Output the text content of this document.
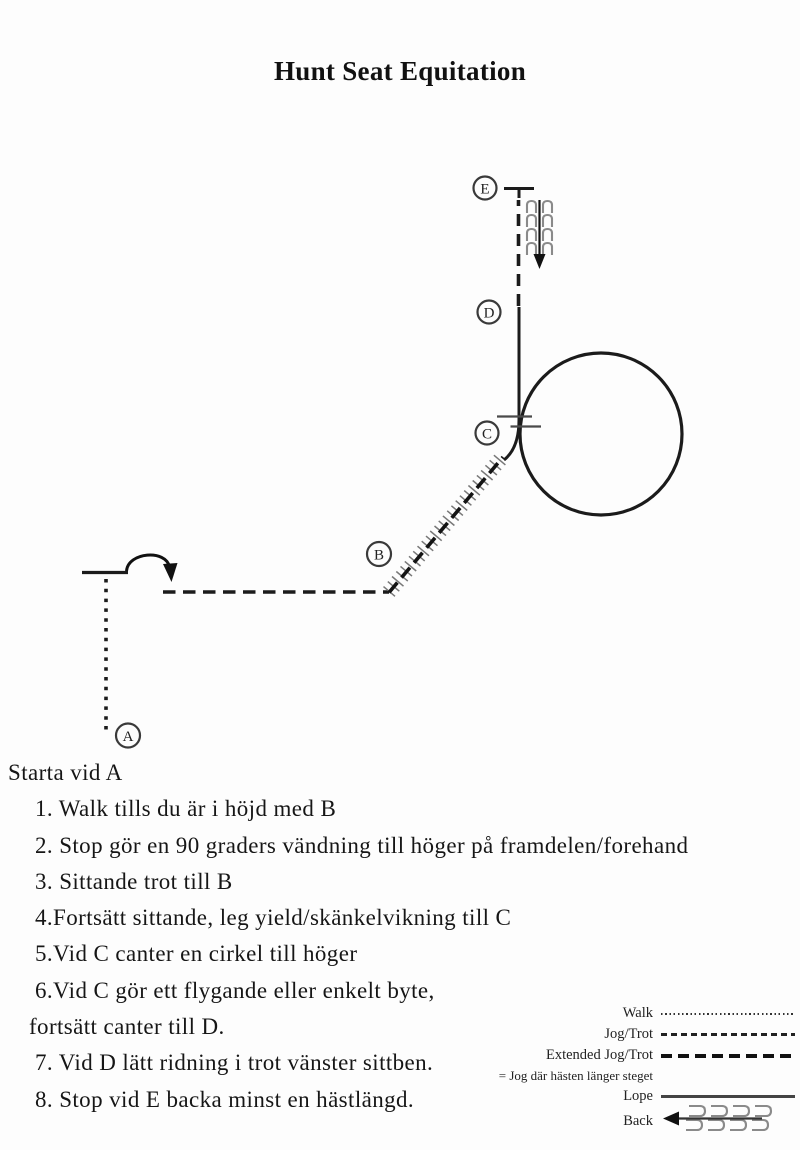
Hunt Seat Equitation
A
B
C
D
E
Starta vid A
1. Walk tills du är i höjd med B
2. Stop gör en 90 graders vändning till höger på framdelen/forehand
3. Sittande trot till B
4.Fortsätt sittande, leg yield/skänkelvikning till C
5.Vid C canter en cirkel till höger
6.Vid C gör ett flygande eller enkelt byte,
fortsätt canter till D.
7. Vid D lätt ridning i trot vänster sittben.
8. Stop vid E backa minst en hästlängd.
Walk
Jog/Trot
Extended Jog/Trot
= Jog där hästen länger steget
Lope
Back
